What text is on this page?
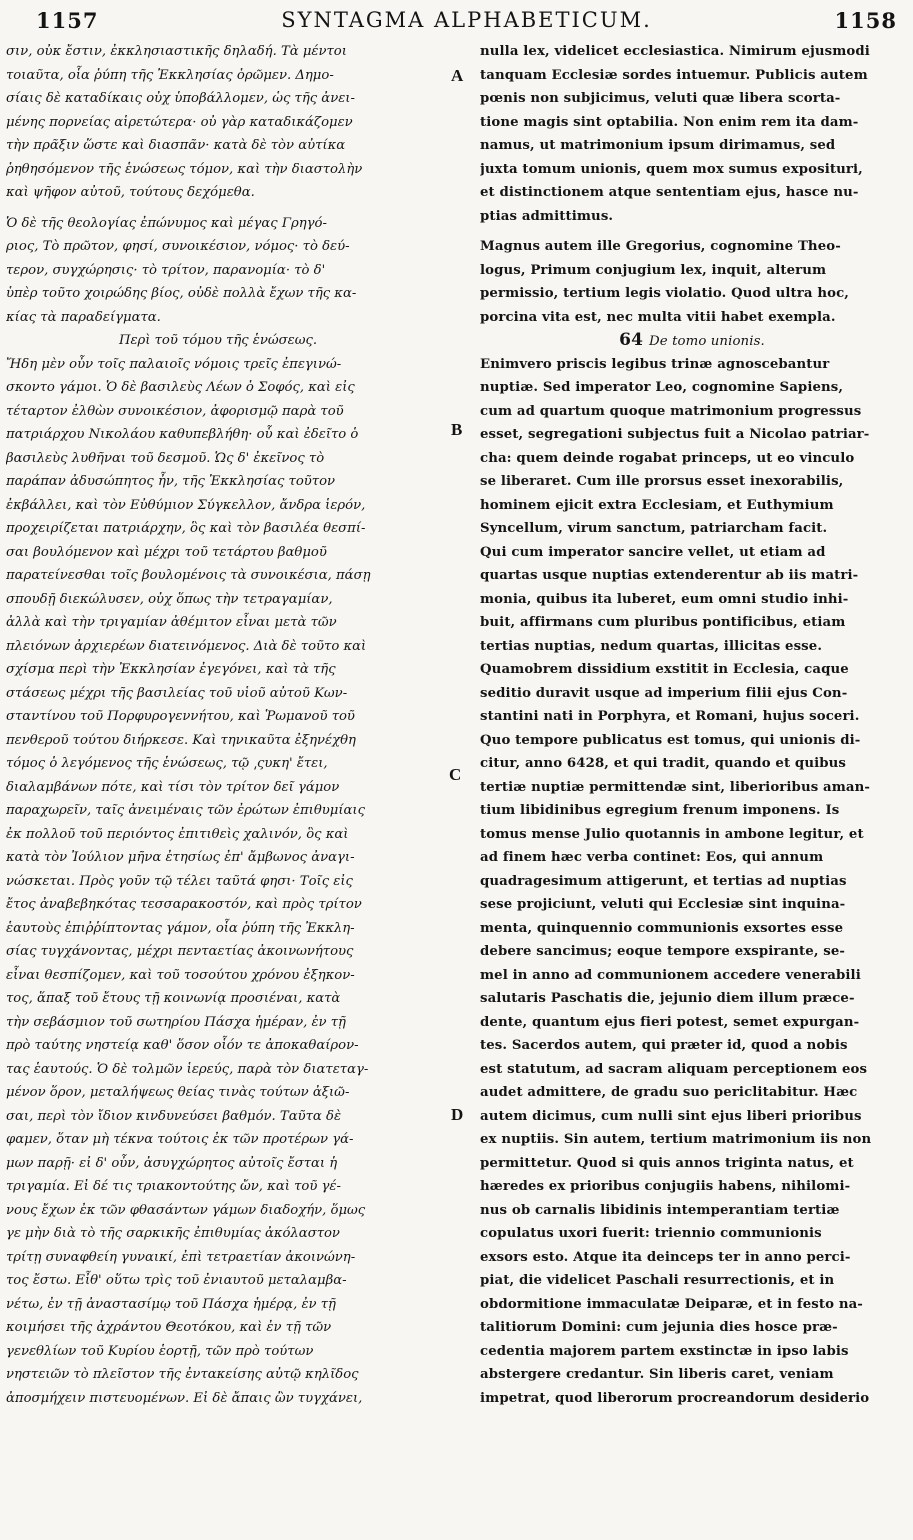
1157	SYNTAGMA ALPHABETICUM.	1158
A
B
C
D
σιν, οὐκ ἔστιν, ἐκκλησιαστικῆς δηλαδή. Τὰ μέντοι
τοιαῦτα, οἷα ῥύπη τῆς Ἐκκλησίας ὁρῶμεν. Δημο-
σίαις δὲ καταδίκαις οὐχ ὑποβάλλομεν, ὡς τῆς ἀνει-
μένης πορνείας αἱρετώτερα· οὐ γὰρ καταδικάζομεν
τὴν πρᾶξιν ὥστε καὶ διασπᾶν· κατὰ δὲ τὸν αὐτίκα
ῥηθησόμενον τῆς ἑνώσεως τόμον, καὶ τὴν διαστολὴν
καὶ ψῆφον αὐτοῦ, τούτους δεχόμεθα.
Ὁ δὲ τῆς θεολογίας ἐπώνυμος καὶ μέγας Γρηγό-
ριος, Τὸ πρῶτον, φησί, συνοικέσιον, νόμος· τὸ δεύ-
τερον, συγχώρησις· τὸ τρίτον, παρανομία· τὸ δ'
ὑπὲρ τοῦτο χοιρώδης βίος, οὐδὲ πολλὰ ἔχων τῆς κα-
κίας τὰ παραδείγματα.
Περὶ τοῦ τόμου τῆς ἑνώσεως.
Ἤδη μὲν οὖν τοῖς παλαιοῖς νόμοις τρεῖς ἐπεγινώ-
σκοντο γάμοι. Ὁ δὲ βασιλεὺς Λέων ὁ Σοφός, καὶ εἰς
τέταρτον ἐλθὼν συνοικέσιον, ἀφορισμῷ παρὰ τοῦ
πατριάρχου Νικολάου καθυπεβλήθη· οὗ καὶ ἐδεῖτο ὁ
βασιλεὺς λυθῆναι τοῦ δεσμοῦ. Ὡς δ' ἐκεῖνος τὸ
παράπαν ἀδυσώπητος ἦν, τῆς Ἐκκλησίας τοῦτον
ἐκβάλλει, καὶ τὸν Εὐθύμιον Σύγκελλον, ἄνδρα ἱερόν,
προχειρίζεται πατριάρχην, ὃς καὶ τὸν βασιλέα θεσπί-
σαι βουλόμενον καὶ μέχρι τοῦ τετάρτου βαθμοῦ
παρατείνεσθαι τοῖς βουλομένοις τὰ συνοικέσια, πάσῃ
σπουδῇ διεκώλυσεν, οὐχ ὅπως τὴν τετραγαμίαν,
ἀλλὰ καὶ τὴν τριγαμίαν ἀθέμιτον εἶναι μετὰ τῶν
πλειόνων ἀρχιερέων διατεινόμενος. Διὰ δὲ τοῦτο καὶ
σχίσμα περὶ τὴν Ἐκκλησίαν ἐγεγόνει, καὶ τὰ τῆς
στάσεως μέχρι τῆς βασιλείας τοῦ υἱοῦ αὐτοῦ Κων-
σταντίνου τοῦ Πορφυρογεννήτου, καὶ Ῥωμανοῦ τοῦ
πενθεροῦ τούτου διήρκεσε. Καὶ τηνικαῦτα ἐξηνέχθη
τόμος ὁ λεγόμενος τῆς ἑνώσεως, τῷ ͵ςυκη' ἔτει,
διαλαμβάνων πότε, καὶ τίσι τὸν τρίτον δεῖ γάμον
παραχωρεῖν, ταῖς ἀνειμέναις τῶν ἐρώτων ἐπιθυμίαις
ἐκ πολλοῦ τοῦ περιόντος ἐπιτιθεὶς χαλινόν, ὃς καὶ
κατὰ τὸν Ἰούλιον μῆνα ἐτησίως ἐπ' ἄμβωνος ἀναγι-
νώσκεται. Πρὸς γοῦν τῷ τέλει ταῦτά φησι· Τοῖς εἰς
ἔτος ἀναβεβηκότας τεσσαρακοστόν, καὶ πρὸς τρίτον
ἑαυτοὺς ἐπιῤῥίπτοντας γάμον, οἷα ῥύπη τῆς Ἐκκλη-
σίας τυγχάνοντας, μέχρι πενταετίας ἀκοινωνήτους
εἶναι θεσπίζομεν, καὶ τοῦ τοσούτου χρόνου ἐξηκον-
τος, ἅπαξ τοῦ ἔτους τῇ κοινωνίᾳ προσιέναι, κατὰ
τὴν σεβάσμιον τοῦ σωτηρίου Πάσχα ἡμέραν, ἐν τῇ
πρὸ ταύτης νηστείᾳ καθ' ὅσον οἷόν τε ἀποκαθαίρον-
τας ἑαυτούς. Ὁ δὲ τολμῶν ἱερεύς, παρὰ τὸν διατεταγ-
μένον ὅρον, μεταλήψεως θείας τινὰς τούτων ἀξιῶ-
σαι, περὶ τὸν ἴδιον κινδυνεύσει βαθμόν. Ταῦτα δὲ
φαμεν, ὅταν μὴ τέκνα τούτοις ἐκ τῶν προτέρων γά-
μων παρῇ· εἰ δ' οὖν, ἀσυγχώρητος αὐτοῖς ἔσται ἡ
τριγαμία. Εἰ δέ τις τριακοντούτης ὤν, καὶ τοῦ γέ-
νους ἔχων ἐκ τῶν φθασάντων γάμων διαδοχήν, ὅμως
γε μὴν διὰ τὸ τῆς σαρκικῆς ἐπιθυμίας ἀκόλαστον
τρίτῃ συναφθείη γυναικί, ἐπὶ τετραετίαν ἀκοινώνη-
τος ἔστω. Εἶθ' οὕτω τρὶς τοῦ ἐνιαυτοῦ μεταλαμβα-
νέτω, ἐν τῇ ἀναστασίμῳ τοῦ Πάσχα ἡμέρᾳ, ἐν τῇ
κοιμήσει τῆς ἀχράντου Θεοτόκου, καὶ ἐν τῇ τῶν
γενεθλίων τοῦ Κυρίου ἑορτῇ, τῶν πρὸ τούτων
νηστειῶν τὸ πλεῖστον τῆς ἐντακείσης αὐτῷ κηλῖδος
ἀποσμήχειν πιστευομένων. Εἰ δὲ ἄπαις ὢν τυγχάνει,
nulla lex, videlicet ecclesiastica. Nimirum ejusmodi
tanquam Ecclesiæ sordes intuemur. Publicis autem
pœnis non subjicimus, veluti quæ libera scorta-
tione magis sint optabilia. Non enim rem ita dam-
namus, ut matrimonium ipsum dirimamus, sed
juxta tomum unionis, quem mox sumus expositurі,
et distinctionem atque sententiam ejus, hasce nu-
ptias admittimus.
Magnus autem ille Gregorius, cognomine Theo-
logus, Primum conjugium lex, inquit, alterum
permissio, tertium legis violatio. Quod ultra hoc,
porcina vita est, nec multa vitii habet exempla.
64 De tomo unionis.
Enimvero priscis legibus trinæ agnoscebantur
nuptiæ. Sed imperator Leo, cognomine Sapiens,
cum ad quartum quoque matrimonium progressus
esset, segregationi subjectus fuit a Nicolao patriar-
cha: quem deinde rogabat princeps, ut eo vinculo
se liberaret. Cum ille prorsus esset inexorabilis,
hominem ejicit extra Ecclesiam, et Euthymium
Syncellum, virum sanctum, patriarcham facit.
Qui cum imperator sancire vellet, ut etiam ad
quartas usque nuptias extenderentur ab iis matri-
monia, quibus ita luberet, eum omni studio inhi-
buit, affirmans cum pluribus pontificibus, etiam
tertias nuptias, nedum quartas, illicitas esse.
Quamobrem dissidium exstitit in Ecclesia, caque
seditio duravit usque ad imperium filii ejus Con-
stantini nati in Porphyra, et Romani, hujus soceri.
Quo tempore publicatus est tomus, qui unionis di-
citur, anno 6428, et qui tradit, quando et quibus
tertiæ nuptiæ permittendæ sint, liberioribus aman-
tium libidinibus egregium frenum imponens. Is
tomus mense Julio quotannis in ambone legitur, et
ad finem hæc verba continet: Eos, qui annum
quadragesimum attigerunt, et tertias ad nuptias
sese projiciunt, veluti qui Ecclesiæ sint inquina-
menta, quinquennio communionis exsortes esse
debere sancimus; eoque tempore exspirante, se-
mel in anno ad communionem accedere venerabili
salutaris Paschatis die, jejunio diem illum præce-
dente, quantum ejus fieri potest, semet expurgan-
tes. Sacerdos autem, qui præter id, quod a nobis
est statutum, ad sacram aliquam perceptionem eos
audet admittere, de gradu suo periclitabitur. Hæc
autem dicimus, cum nulli sint ejus liberi prioribus
ex nuptiis. Sin autem, tertium matrimonium iis non
permittetur. Quod si quis annos triginta natus, et
hæredes ex prioribus conjugiis habens, nihilomi-
nus ob carnalis libidinis intemperantiam tertiæ
copulatus uxori fuerit: triennio communionis
exsors esto. Atque ita deinceps ter in anno perci-
piat, die videlicet Paschali resurrectionis, et in
obdormitione immaculatæ Deiparæ, et in festo na-
talitiorum Domini: cum jejunia dies hosce præ-
cedentia majorem partem exstinctæ in ipso labis
abstergere credantur. Sin liberis caret, veniam
impetrat, quod liberorum procreandorum desiderio
